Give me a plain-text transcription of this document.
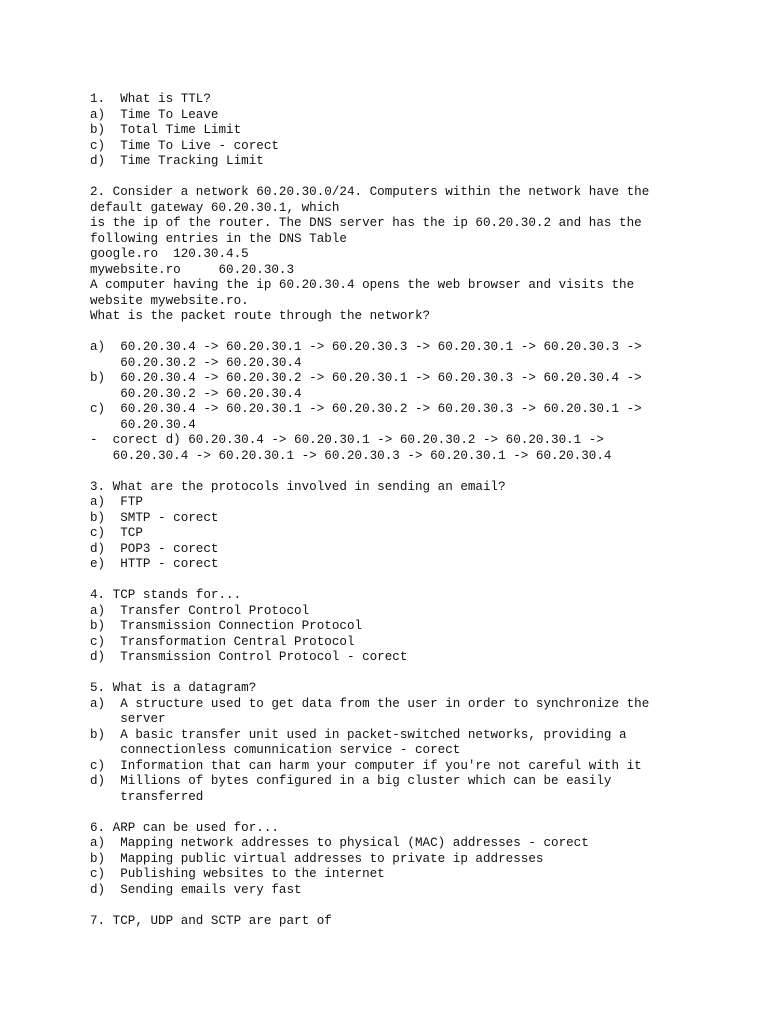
1.  What is TTL?
a)  Time To Leave
b)  Total Time Limit
c)  Time To Live - corect
d)  Time Tracking Limit
2. Consider a network 60.20.30.0/24. Computers within the network have the
default gateway 60.20.30.1, which
is the ip of the router. The DNS server has the ip 60.20.30.2 and has the
following entries in the DNS Table
google.ro  120.30.4.5
mywebsite.ro     60.20.30.3
A computer having the ip 60.20.30.4 opens the web browser and visits the
website mywebsite.ro.
What is the packet route through the network?
a)  60.20.30.4 -> 60.20.30.1 -> 60.20.30.3 -> 60.20.30.1 -> 60.20.30.3 ->
60.20.30.2 -> 60.20.30.4
b)  60.20.30.4 -> 60.20.30.2 -> 60.20.30.1 -> 60.20.30.3 -> 60.20.30.4 ->
60.20.30.2 -> 60.20.30.4
c)  60.20.30.4 -> 60.20.30.1 -> 60.20.30.2 -> 60.20.30.3 -> 60.20.30.1 ->
60.20.30.4
-  corect d) 60.20.30.4 -> 60.20.30.1 -> 60.20.30.2 -> 60.20.30.1 ->
60.20.30.4 -> 60.20.30.1 -> 60.20.30.3 -> 60.20.30.1 -> 60.20.30.4
3. What are the protocols involved in sending an email?
a)  FTP
b)  SMTP - corect
c)  TCP
d)  POP3 - corect
e)  HTTP - corect
4. TCP stands for...
a)  Transfer Control Protocol
b)  Transmission Connection Protocol
c)  Transformation Central Protocol
d)  Transmission Control Protocol - corect
5. What is a datagram?
a)  A structure used to get data from the user in order to synchronize the
server
b)  A basic transfer unit used in packet-switched networks, providing a
connectionless comunnication service - corect
c)  Information that can harm your computer if you're not careful with it
d)  Millions of bytes configured in a big cluster which can be easily
transferred
6. ARP can be used for...
a)  Mapping network addresses to physical (MAC) addresses - corect
b)  Mapping public virtual addresses to private ip addresses
c)  Publishing websites to the internet
d)  Sending emails very fast
7. TCP, UDP and SCTP are part of
